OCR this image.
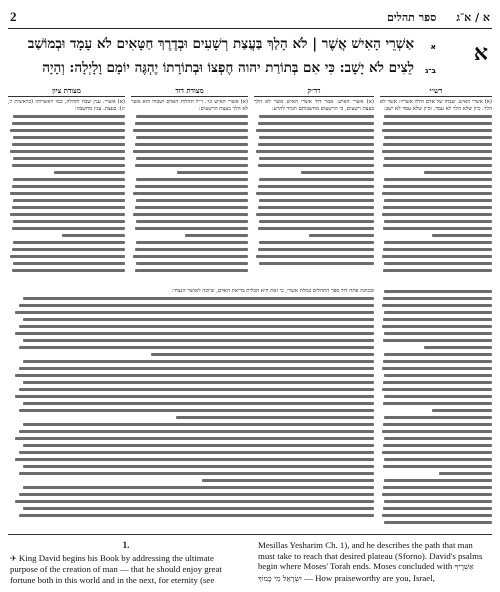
2	ספר תהלים א / א־ג
א
א
אַשְׁרֵי הָאִישׁ אֲשֶׁר | לֹא הָלַךְ בַּעֲצַת רְשָׁעִים וּבְדֶרֶךְ חַטָּאִים לֹא עָמָד וּבְמוֹשַׁב
ב־ג
לֵצִים לֹא יָשָׁב: כִּי אִם בְּתוֹרַת יהוה חֶפְצוֹ וּבְתוֹרָתוֹ יֶהְגֶּה יוֹמָם וָלָיְלָה: וְהָיָה
רש״י
(א) אשרי האיש. שבחו של אדם הללו אשריו: אשר לא הלך. כיון שלא הלך לא עמד, וכיון שלא עמד לא ישב:
רד״ק
(א) אשרי האיש. אמר דוד אשרי האיש אשר לא הלך בעצת רשעים, כי הרשעים מחשבותם תמיד להרע:
מצודת דוד
(א) אשרי האיש וגו׳. ר״ל תהלות האדם ושבחו הוא אשר לא הלך בעצת הרשעים:
מצודת ציון
(א) אשרי. ענין שבח ותהלה, כמו ויאשרוהו (בראשית ל, יג): בעצת. ענין מחשבה:
ובכוונה פתח דוד ספר התהלים במלת אשרי, כי זאת היא תכלית בריאת האדם, שיזכה לאושר הנצחי:
1.
✈ King David begins his Book by addressing the ultimate purpose of the creation of man — that he should enjoy great fortune both in this world and in the next, for eternity (see
Mesillas Yesharim Ch. 1), and he describes the path that man must take to reach that desired plateau (Sforno). David's psalms begin where Moses' Torah ends. Moses concluded with אַשְׁרֶיךָ יִשְׂרָאֵל מִי כָמוֹךָ — How praiseworthy are you, Israel,
